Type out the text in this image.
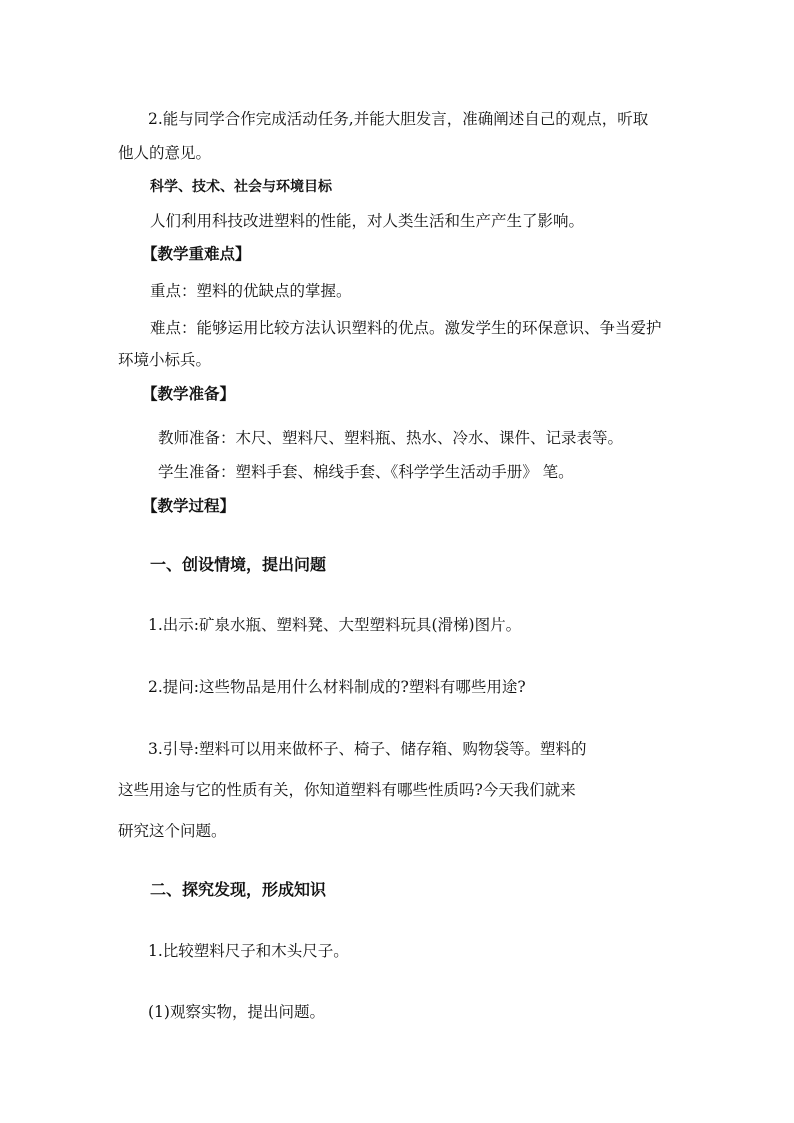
2.能与同学合作完成活动任务,并能大胆发言，准确阐述自己的观点，听取
他人的意见。
科学、技术、社会与环境目标
人们利用科技改进塑料的性能，对人类生活和生产产生了影响。
【教学重难点】
重点：塑料的优缺点的掌握。
难点：能够运用比较方法认识塑料的优点。激发学生的环保意识、争当爱护
环境小标兵。
【教学准备】
教师准备：木尺、塑料尺、塑料瓶、热水、冷水、课件、记录表等。
学生准备：塑料手套、棉线手套、《科学学生活动手册》 笔。
【教学过程】
一、创设情境，提出问题
1.出示:矿泉水瓶、塑料凳、大型塑料玩具(滑梯)图片。
2.提问:这些物品是用什么材料制成的?塑料有哪些用途?
3.引导:塑料可以用来做杯子、椅子、储存箱、购物袋等。塑料的
这些用途与它的性质有关，你知道塑料有哪些性质吗?今天我们就来
研究这个问题。
二、探究发现，形成知识
1.比较塑料尺子和木头尺子。
(1)观察实物，提出问题。
